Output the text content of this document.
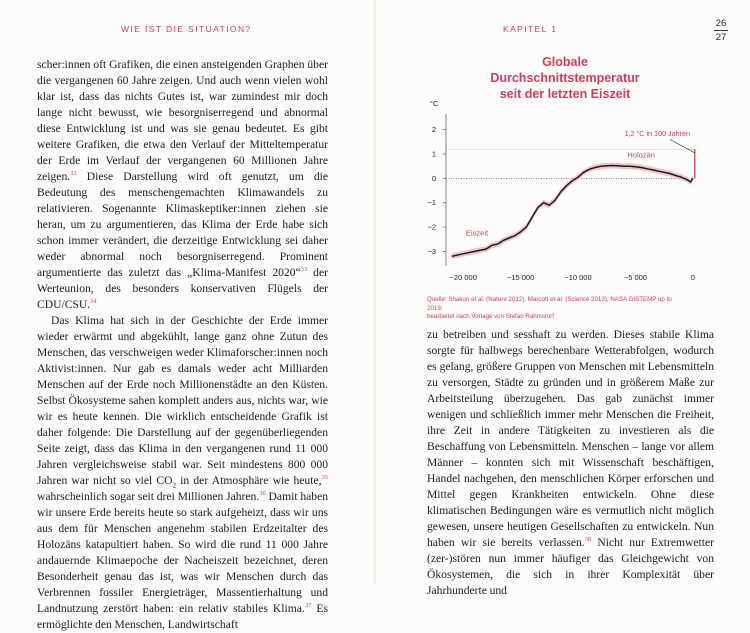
WIE IST DIE SITUATION?	KAPITEL 1	26
27

scher:innen oft Grafiken, die einen ansteigenden Graphen über die vergangenen 60 Jahre zeigen. Und auch wenn vielen wohl klar ist, dass das nichts Gutes ist, war zumindest mir doch lange nicht bewusst, wie besorgniserregend und abnormal diese Entwicklung ist und was sie genau bedeutet. Es gibt weitere Grafiken, die etwa den Verlauf der Mitteltemperatur der Erde im Verlauf der vergangenen 60 Millionen Jahre zeigen.$^{32}$ Diese Darstellung wird oft genutzt, um die Bedeutung des menschengemachten Klimawandels zu relativieren. Sogenannte Klimaskeptiker:innen ziehen sie heran, um zu argumentieren, das Klima der Erde habe sich schon immer verändert, die derzeitige Entwicklung sei daher weder abnormal noch besorgniserregend. Prominent argumentierte das zuletzt das „Klima-Manifest 2020“$^{33}$ der Werteunion, des besonders konservativen Flügels der CDU/CSU.$^{34}$

Das Klima hat sich in der Geschichte der Erde immer wieder erwärmt und abgekühlt, lange ganz ohne Zutun des Menschen, das verschweigen weder Klimaforscher:innen noch Aktivist:innen. Nur gab es damals weder acht Milliarden Menschen auf der Erde noch Millionenstädte an den Küsten. Selbst Ökosysteme sahen komplett anders aus, nichts war, wie wir es heute kennen. Die wirklich entscheidende Grafik ist daher folgende: Die Darstellung auf der gegenüberliegenden Seite zeigt, dass das Klima in den vergangenen rund 11 000 Jahren vergleichsweise stabil war. Seit mindestens 800 000 Jahren war nicht so viel $CO_2$ in der Atmosphäre wie heute,$^{35}$ wahrscheinlich sogar seit drei Millionen Jahren.$^{36}$ Damit haben wir unsere Erde bereits heute so stark aufgeheizt, dass wir uns aus dem für Menschen angenehm stabilen Erdzeitalter des Holozäns katapultiert haben. So wird die rund 11 000 Jahre andauernde Klimaepoche der Nacheiszeit bezeichnet, deren Besonderheit genau das ist, was wir Menschen durch das Verbrennen fossiler Energieträger, Massentierhaltung und Landnutzung zerstört haben: ein relativ stabiles Klima.$^{37}$ Es ermöglichte den Menschen, Landwirtschaft

Globale Durchschnittstemperatur
seit der letzten Eiszeit
°C
2
1
0
−1
−2
−3
−20 000	−15 000	−10 000	−5 000	0
Eiszeit
Holozän
1,2 °C in 100 Jahren
Quelle: Shakun et al. (Nature 2012), Marcott et al. (Science 2013), NASA GISTEMP up to 2019;
bearbeitet nach Vorlage von Stefan Rahmstorf

zu betreiben und sesshaft zu werden. Dieses stabile Klima sorgte für halbwegs berechenbare Wetterabfolgen, wodurch es gelang, größere Gruppen von Menschen mit Lebensmitteln zu versorgen, Städte zu gründen und in größerem Maße zur Arbeitsteilung überzugehen. Das gab zunächst immer wenigen und schließlich immer mehr Menschen die Freiheit, ihre Zeit in andere Tätigkeiten zu investieren als die Beschaffung von Lebensmitteln. Menschen – lange vor allem Männer – konnten sich mit Wissenschaft beschäftigen, Handel nachgehen, den menschlichen Körper erforschen und Mittel gegen Krankheiten entwickeln. Ohne diese klimatischen Bedingungen wäre es vermutlich nicht möglich gewesen, unsere heutigen Gesellschaften zu entwickeln. Nun haben wir sie bereits verlassen.$^{38}$ Nicht nur Extremwetter (zer-)stören nun immer häufiger das Gleichgewicht von Ökosystemen, die sich in ihrer Komplexität über Jahrhunderte und
